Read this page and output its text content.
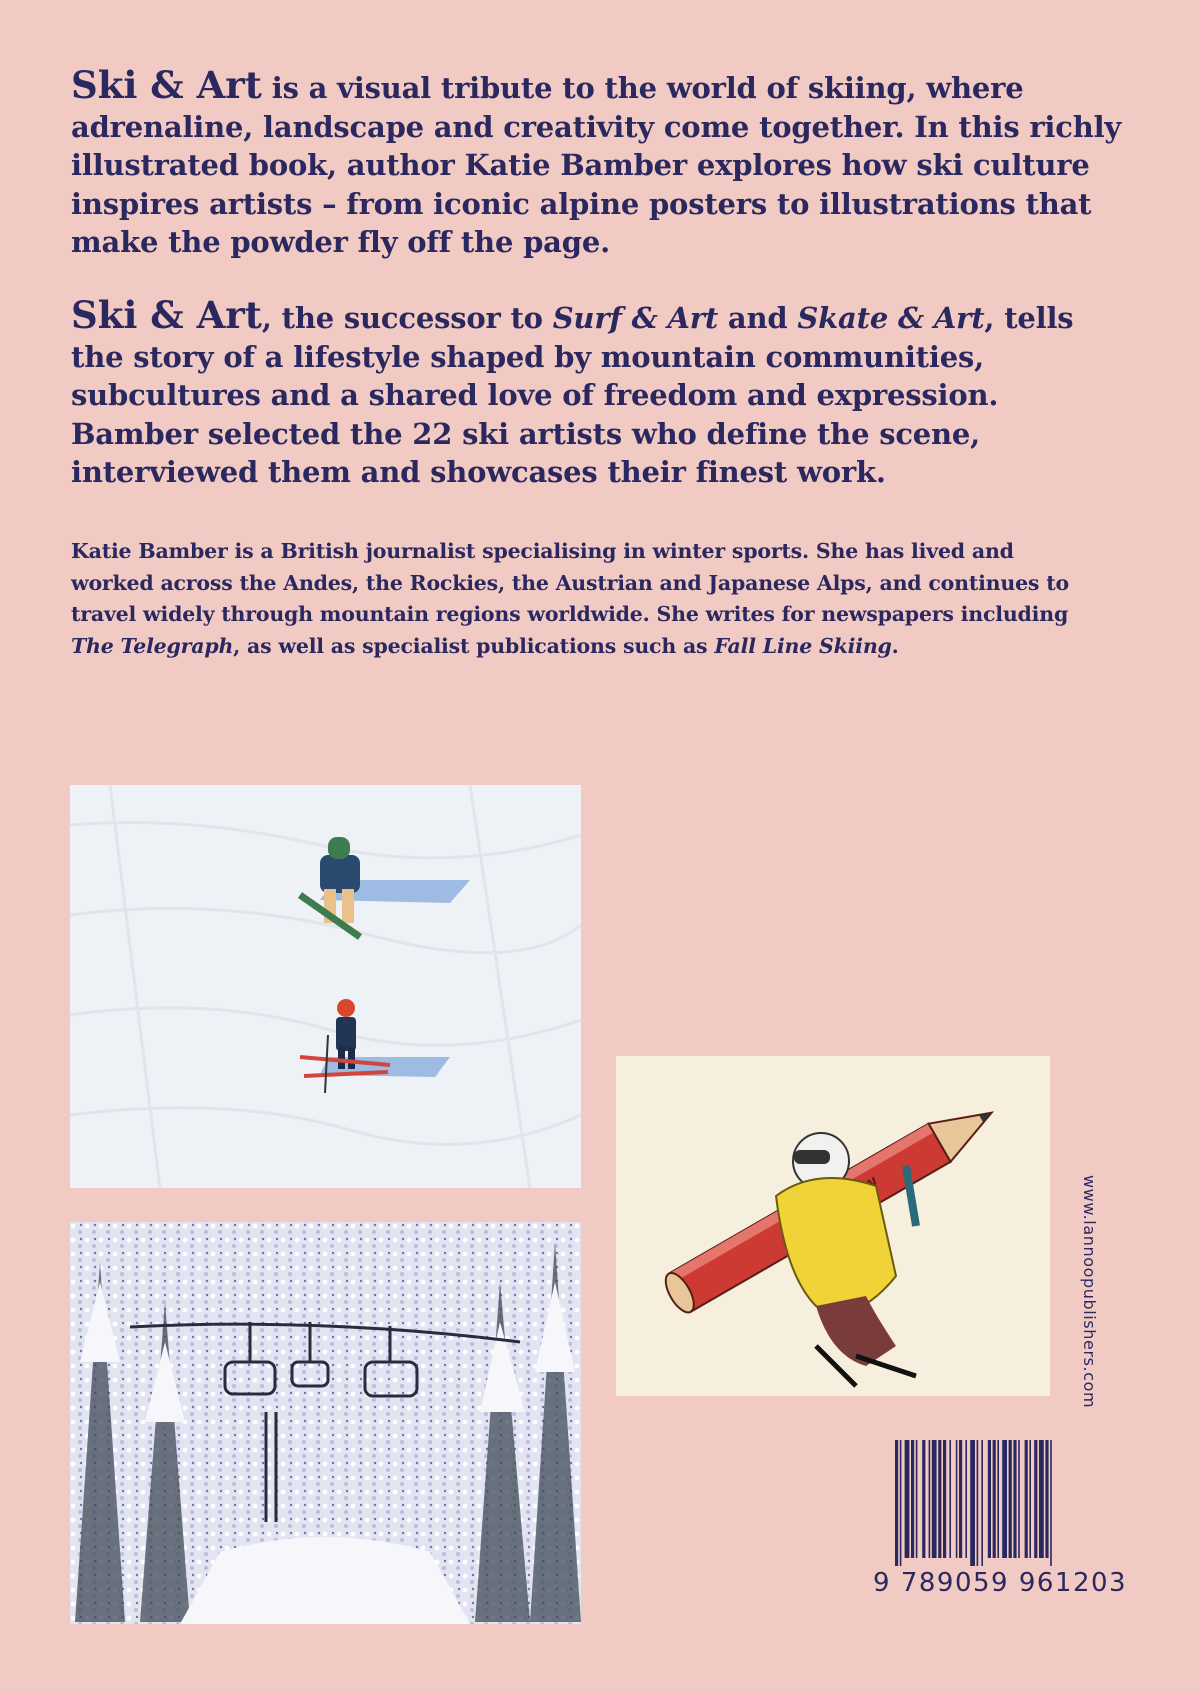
Ski & Art is a visual tribute to the world of skiing, where adrenaline, landscape and creativity come together. In this richly illustrated book, author Katie Bamber explores how ski culture inspires artists – from iconic alpine posters to illustrations that make the powder fly off the page.

Ski & Art, the successor to Surf & Art and Skate & Art, tells the story of a lifestyle shaped by mountain communities, subcultures and a shared love of freedom and expression. Bamber selected the 22 ski artists who define the scene, interviewed them and showcases their finest work.

Katie Bamber is a British journalist specialising in winter sports. She has lived and worked across the Andes, the Rockies, the Austrian and Japanese Alps, and continues to travel widely through mountain regions worldwide. She writes for newspapers including The Telegraph, as well as specialist publications such as Fall Line Skiing.

www.lannoopublishers.com
9 789059 961203
